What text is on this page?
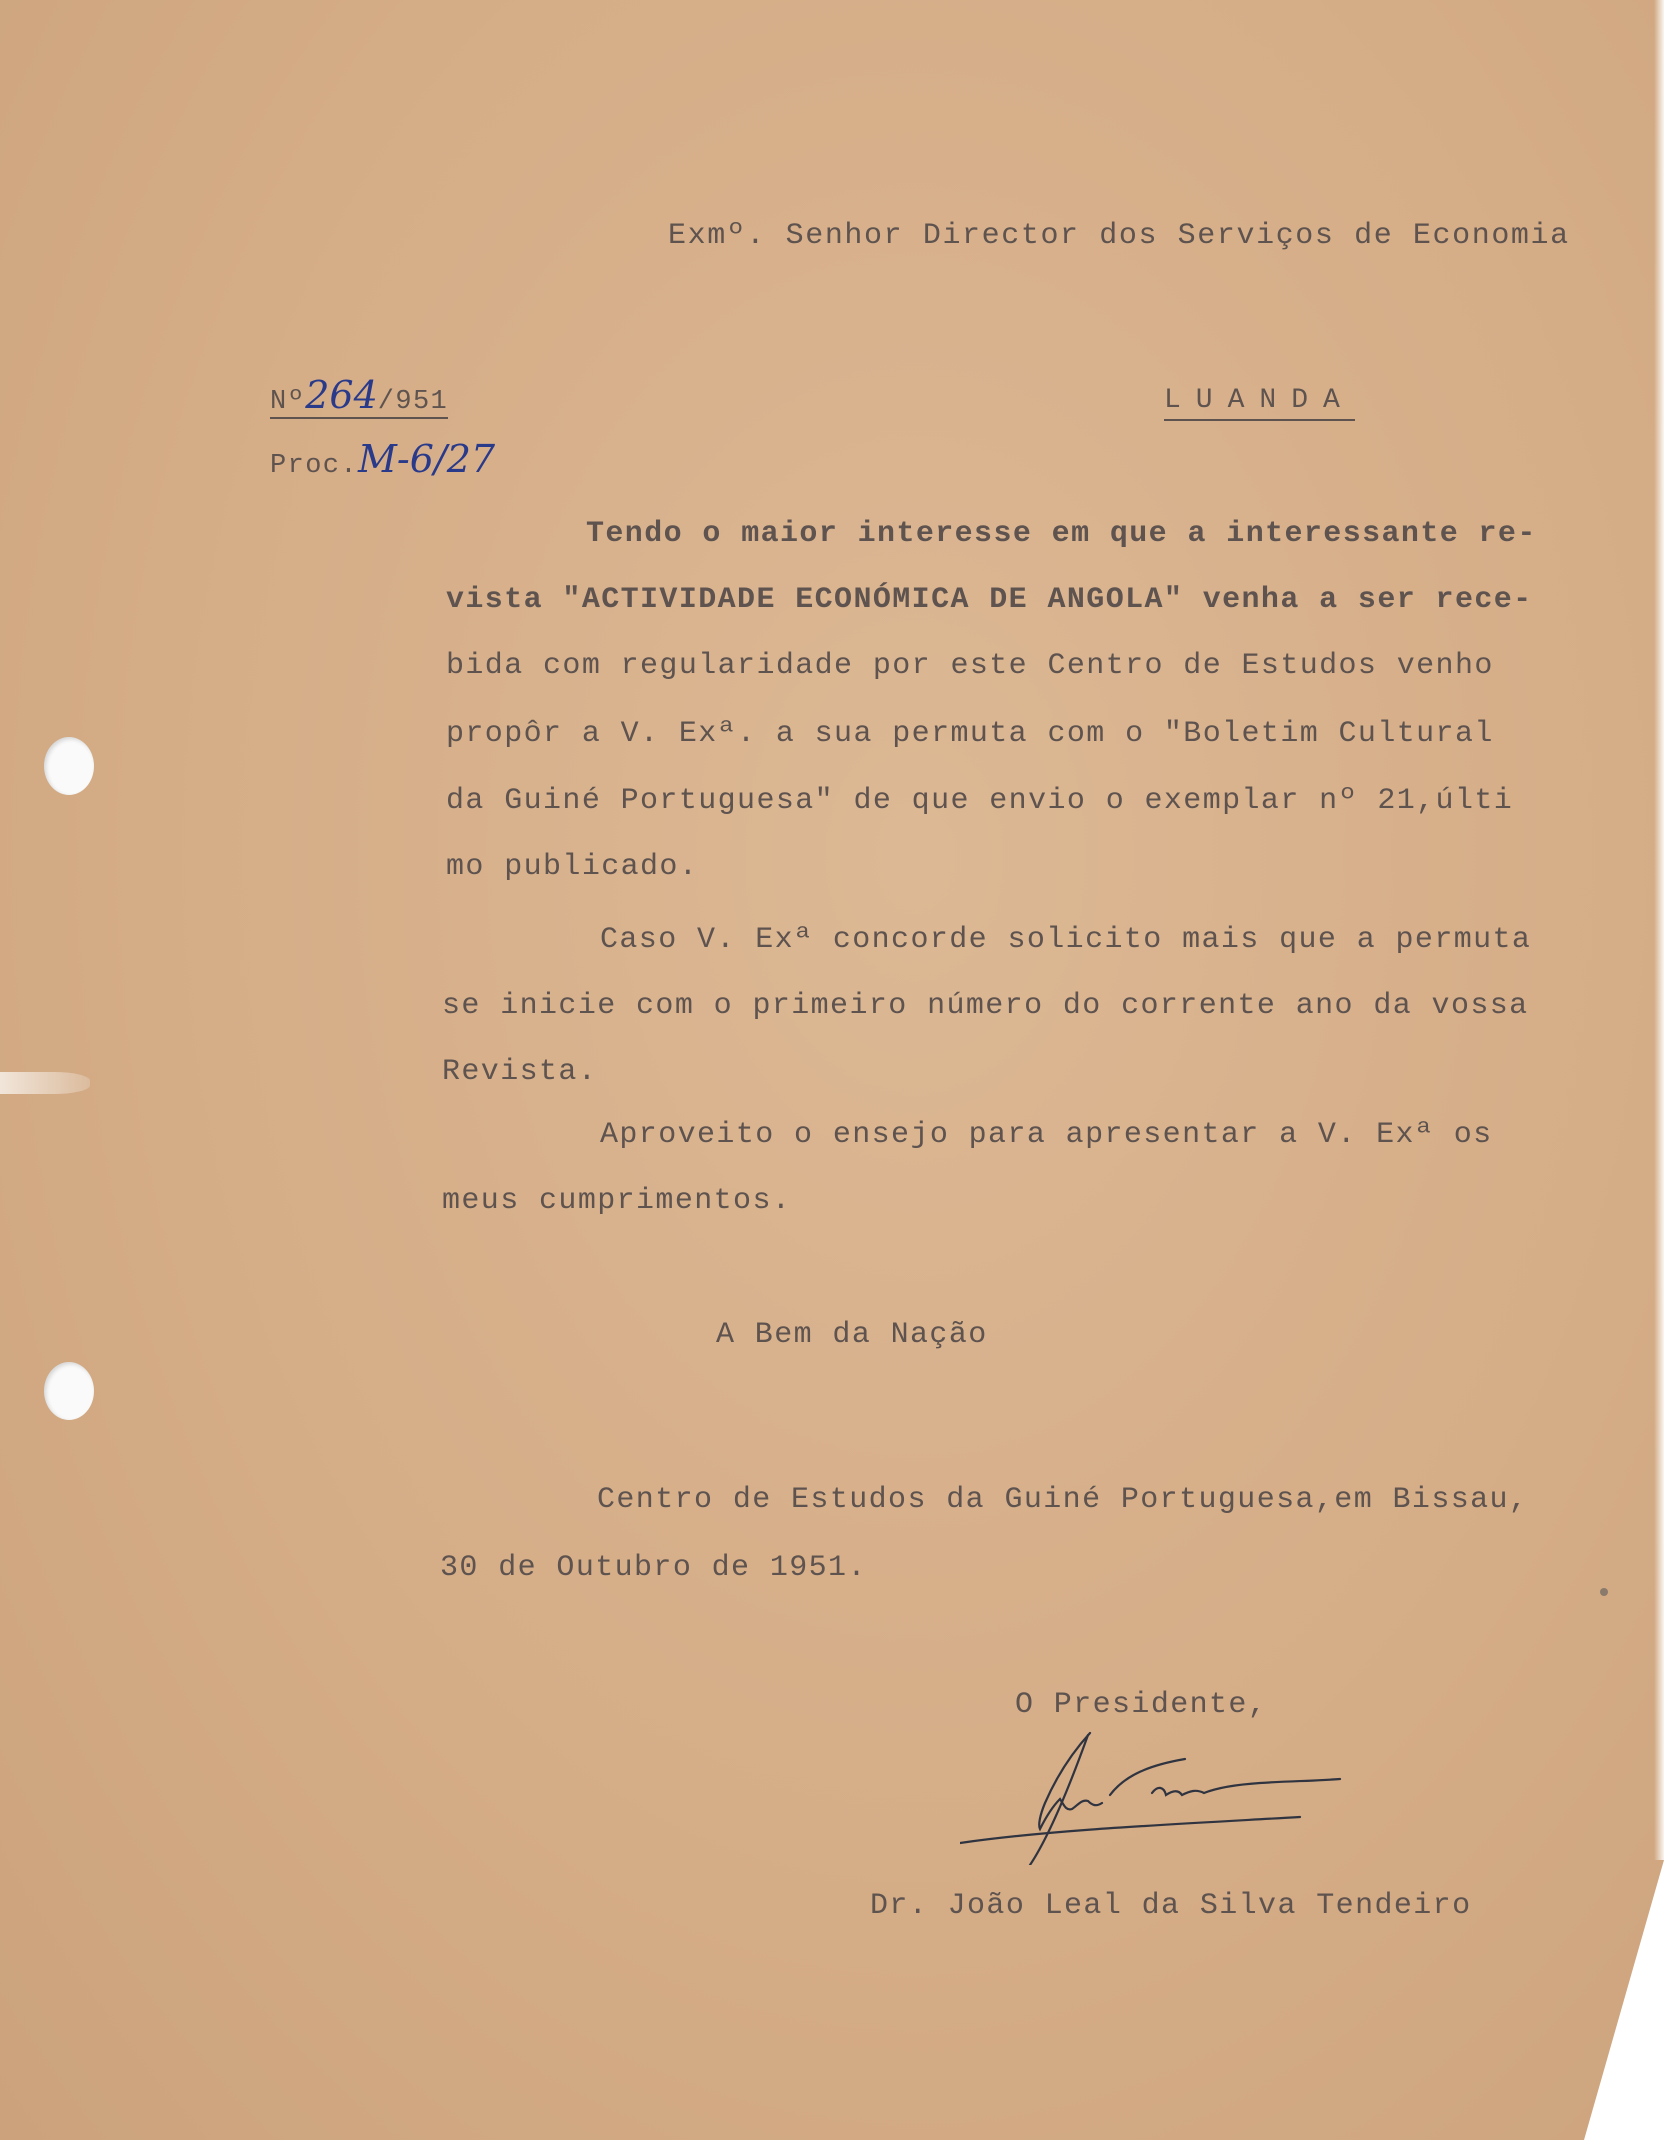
Exmº. Senhor Director dos Serviços de Economia
Nº264/951
Proc.M-6/27
LUANDA
Tendo o maior interesse em que a interessante re-
vista "ACTIVIDADE ECONÓMICA DE ANGOLA" venha a ser rece-
bida com regularidade por este Centro de Estudos venho
propôr a V. Exª. a sua permuta com o "Boletim Cultural
da Guiné Portuguesa" de que envio o exemplar nº 21,últi
mo publicado.
Caso V. Exª concorde solicito mais que a permuta
se inicie com o primeiro número do corrente ano da vossa
Revista.
Aproveito o ensejo para apresentar a V. Exª os
meus cumprimentos.
A Bem da Nação
Centro de Estudos da Guiné Portuguesa,em Bissau,
30 de Outubro de 1951.
O Presidente,
Dr. João Leal da Silva Tendeiro
